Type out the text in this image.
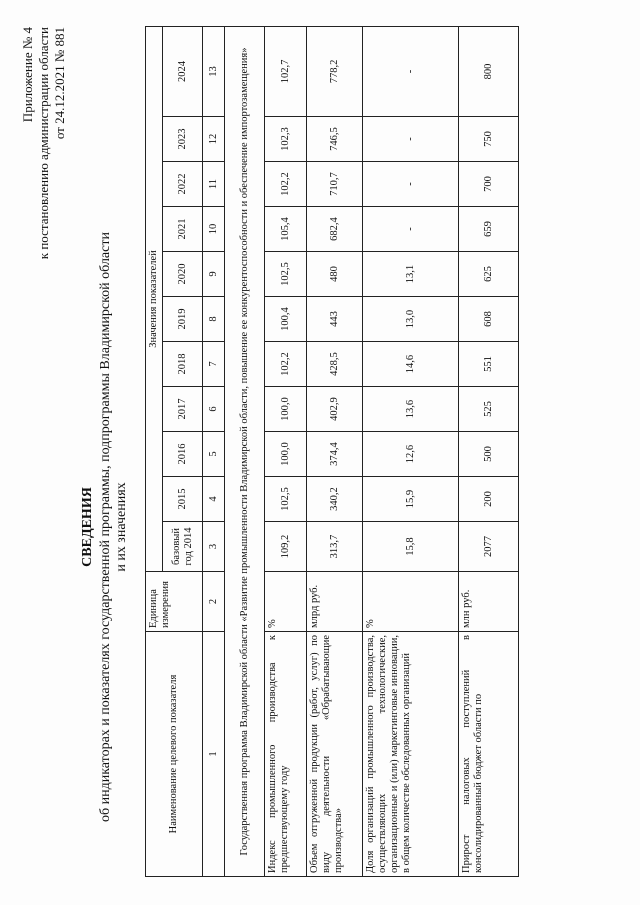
Приложение № 4 к постановлению администрации области от 24.12.2021 № 881
СВЕДЕНИЯ об индикаторах и показателях государственной программы, подпрограммы Владимирской области и их значениях
Наименование целевого показателя	Единица измерения	Значения показателей										
		базовый год 2014	2015	2016	2017	2018	2019	2020	2021	2022	2023	2024
1	2	3	4	5	6	7	8	9	10	11	12	13
Государственная программа Владимирской области «Развитие промышленности Владимирской области, повышение ее конкурентоспособности и обеспечение импортозамещения»												
Индекс промышленного производства к предшествующему году	%	109,2	102,5	100,0	100,0	102,2	100,4	102,5	105,4	102,2	102,3	102,7
Объем отгруженной продукции (работ, услуг) по виду деятельности «Обрабатывающие производства»	млрд руб.	313,7	340,2	374,4	402,9	428,5	443	480	682,4	710,7	746,5	778,2
Доля организаций промышленного производства, осуществляющих технологические, организационные и (или) маркетинговые инновации, в общем количестве обследованных организаций	%	15,8	15,9	12,6	13,6	14,6	13,0	13,1	-	-	-	-
Прирост налоговых поступлений в консолидированный бюджет области по	млн руб.	2077	200	500	525	551	608	625	659	700	750	800
